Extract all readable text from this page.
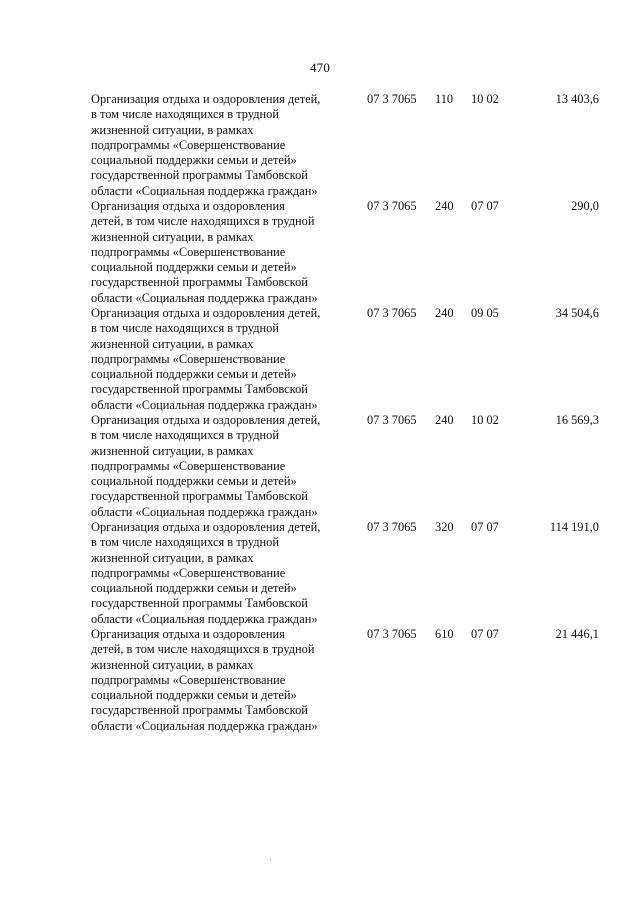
470
Организация отдыха и оздоровления детей,
в том числе находящихся в трудной
жизненной ситуации, в рамках
подпрограммы «Совершенствование
социальной поддержки семьи и детей»
государственной программы Тамбовской
области «Социальная поддержка граждан»
07 3 7065 110 10 02	13 403,6
Организация отдыха и оздоровления
детей, в том числе находящихся в трудной
жизненной ситуации, в рамках
подпрограммы «Совершенствование
социальной поддержки семьи и детей»
государственной программы Тамбовской
области «Социальная поддержка граждан»
07 3 7065 240 07 07	290,0
Организация отдыха и оздоровления детей,
в том числе находящихся в трудной
жизненной ситуации, в рамках
подпрограммы «Совершенствование
социальной поддержки семьи и детей»
государственной программы Тамбовской
области «Социальная поддержка граждан»
07 3 7065 240 09 05	34 504,6
Организация отдыха и оздоровления детей,
в том числе находящихся в трудной
жизненной ситуации, в рамках
подпрограммы «Совершенствование
социальной поддержки семьи и детей»
государственной программы Тамбовской
области «Социальная поддержка граждан»
07 3 7065 240 10 02	16 569,3
Организация отдыха и оздоровления детей,
в том числе находящихся в трудной
жизненной ситуации, в рамках
подпрограммы «Совершенствование
социальной поддержки семьи и детей»
государственной программы Тамбовской
области «Социальная поддержка граждан»
07 3 7065 320 07 07	114 191,0
Организация отдыха и оздоровления
детей, в том числе находящихся в трудной
жизненной ситуации, в рамках
подпрограммы «Совершенствование
социальной поддержки семьи и детей»
государственной программы Тамбовской
области «Социальная поддержка граждан»
07 3 7065 610 07 07	21 446,1
